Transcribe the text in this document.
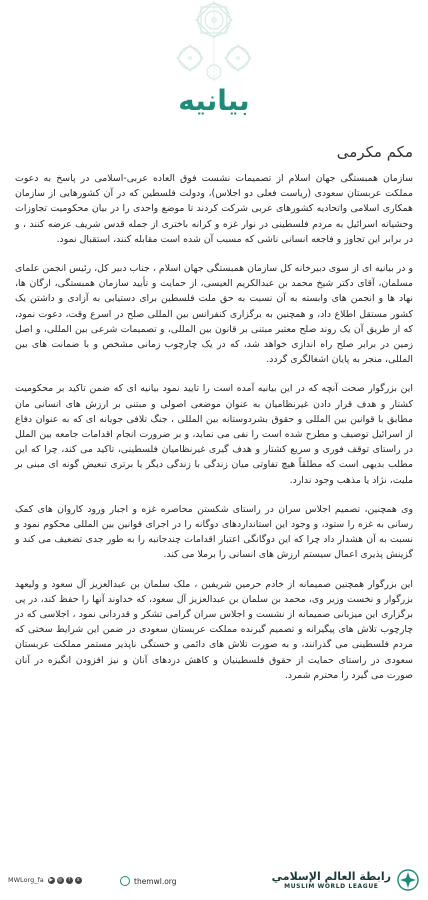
بيانيه

مكم مكرمی

سازمان همبستگی جهان اسلام از تصمیمات نشست فوق العاده عربی-اسلامی در پاسخ به دعوت مملکت عربستان سعودی (ریاست فعلی دو اجلاس)، ودولت فلسطین که در آن کشورهایی از سازمان همکاری اسلامی واتحادیه کشورهای عربی شرکت کردند تا موضع واحدی را در بیان محکومیت تجاوزات وحشیانه اسرائیل به مردم فلسطینی در نوار غزه و کرانه باختری از جمله قدس شریف عرضه کنند ، و در برابر این تجاوز و فاجعه انسانی ناشی که مسبب آن شده است مقابله کنند، استقبال نمود.

و در بیانیه ای از سوی دبیرخانه کل سازمان همبستگی جهان اسلام ، جناب دبیر کل، رئیس انجمن علمای مسلمان، آقای دکتر شیخ محمد بن عبدالکریم العیسی، از حمایت و تأیید سازمان همبستگی، ارگان ها، نهاد ها و انجمن های وابسته به آن نسبت به حق ملت فلسطین برای دستیابی به آزادی و داشتن یک کشور مستقل اطلاع داد، و همچنین به برگزاری کنفرانس بین المللی صلح در اسرع وقت، دعوت نمود، که از طریق آن یک روند صلح معتبر مبتنی بر قانون بین المللی، و تصمیمات شرعی بین المللی، و اصل زمین در برابر صلح راه اندازی خواهد شد، که در یک چارچوب زمانی مشخص و با ضمانت های بین المللی، منجر به پایان اشغالگری گردد.

این بزرگوار صحت آنچه که در این بیانیه آمده است را تایید نمود بیانیه ای که ضمن تاکید بر محکومیت کشتار و هدف قرار دادن غیرنظامیان به عنوان موضعی اصولی و مبتنی بر ارزش های انسانی مان مطابق با قوانین بین المللی و حقوق بشردوستانه بین المللی ، جنگ تلافی جویانه ای که به عنوان دفاع از اسرائیل توصیف و مطرح شده است را نفی می نماید، و بر ضرورت انجام اقدامات جامعه بین الملل در راستای توقف فوری و سریع کشتار و هدف گیری غیرنظامیان فلسطینی، تاکید می کند، چرا که این مطلب بدیهی است که مطلقاً هیچ تفاوتی میان زندگی با زندگی دیگر یا برتری تبعیض گونه ای مبنی بر ملیت، نژاد یا مذهب وجود ندارد.

وی همچنین، تصمیم اجلاس سران در راستای شکستن محاصره غزه و اجبار ورود کاروان های کمک رسانی به غزه را ستود، و وجود این استانداردهای دوگانه را در اجرای قوانین بین المللی محکوم نمود و نسبت به آن هشدار داد چرا که این دوگانگی اعتبار اقدامات چندجانبه را به طور جدی تضعیف می کند و گزینش پذیری اعمال سیستم ارزش های انسانی را برملا می کند.

این بزرگوار همچنین صمیمانه از خادم حرمین شریفین ، ملک سلمان بن عبدالعزیز آل سعود و ولیعهد بزرگوار و نخست وزیر وی، محمد بن سلمان بن عبدالعزیز آل سعود، که خداوند آنها را حفظ کند، در پی برگزاری این میزبانی صمیمانه از نشست و اجلاس سران گرامی تشکر و قدردانی نمود ، اجلاسی که در چارچوب تلاش های پیگیرانه و تصمیم گیرنده مملکت عربستان سعودی در ضمن این شرایط سختی که مردم فلسطینی می گذرانند، و به صورت تلاش های دائمی و خستگی ناپذیر مستمر مملکت عربستان سعودی در راستای حمایت از حقوق فلسطینیان و کاهش دردهای آنان و نیز افزودن انگیزه در آنان صورت می گیرد را محترم شمرد.

MWLorg_fa	▶ ◎	f	x	themwl.org	رابطة العالم الإسلامي
MUSLIM WORLD LEAGUE
